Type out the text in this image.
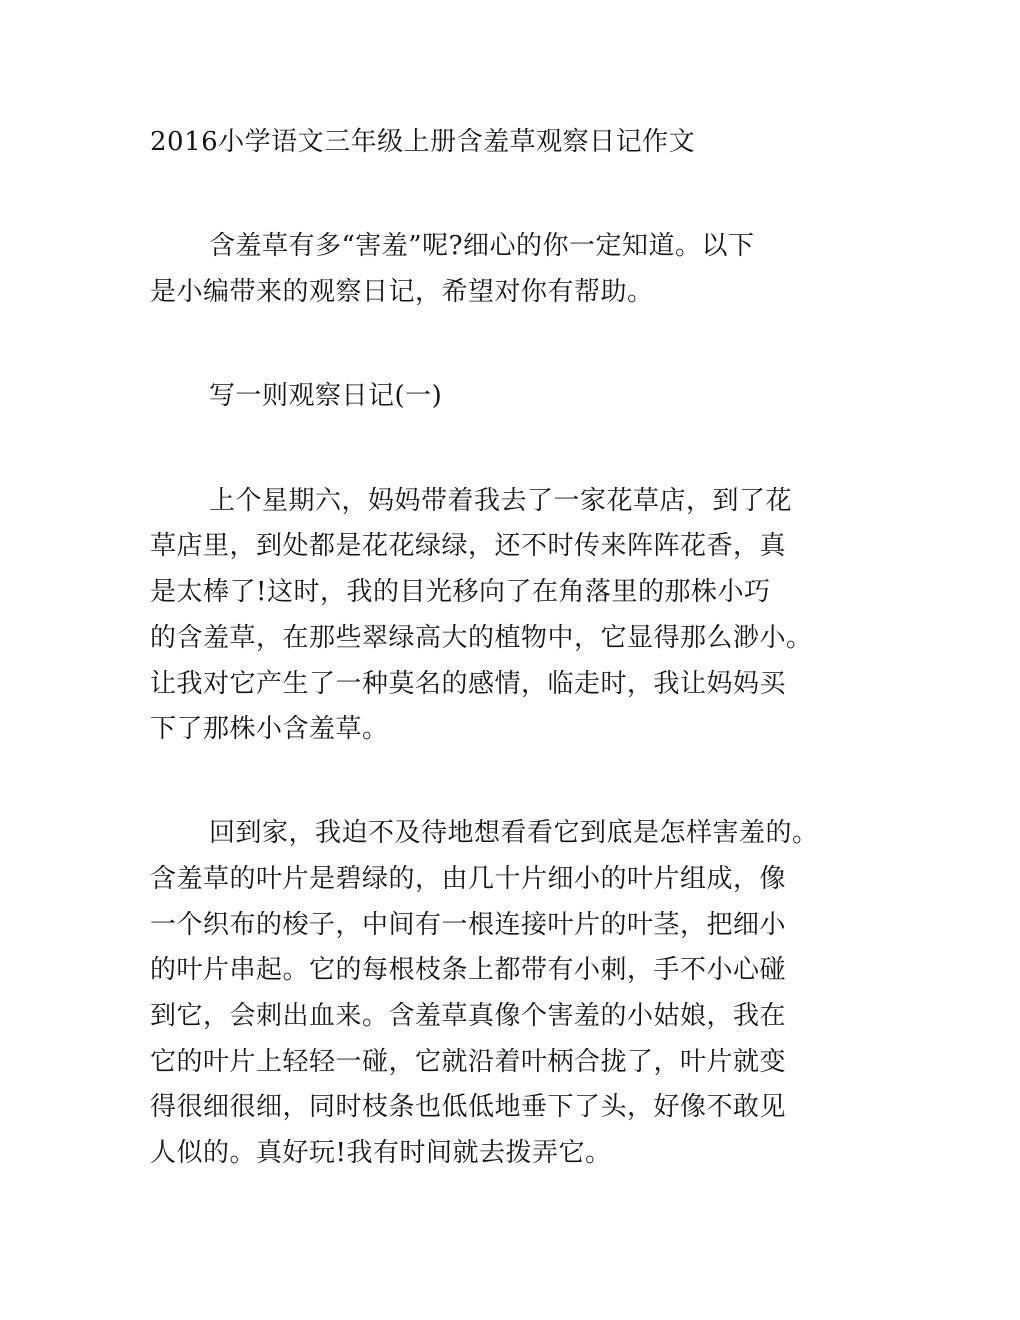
2016小学语文三年级上册含羞草观察日记作文
含羞草有多“害羞”呢?细心的你一定知道。以下
是小编带来的观察日记，希望对你有帮助。
写一则观察日记(一)
上个星期六，妈妈带着我去了一家花草店，到了花
草店里，到处都是花花绿绿，还不时传来阵阵花香，真
是太棒了!这时，我的目光移向了在角落里的那株小巧
的含羞草，在那些翠绿高大的植物中，它显得那么渺小。
让我对它产生了一种莫名的感情，临走时，我让妈妈买
下了那株小含羞草。
回到家，我迫不及待地想看看它到底是怎样害羞的。
含羞草的叶片是碧绿的，由几十片细小的叶片组成，像
一个织布的梭子，中间有一根连接叶片的叶茎，把细小
的叶片串起。它的每根枝条上都带有小刺，手不小心碰
到它，会刺出血来。含羞草真像个害羞的小姑娘，我在
它的叶片上轻轻一碰，它就沿着叶柄合拢了，叶片就变
得很细很细，同时枝条也低低地垂下了头，好像不敢见
人似的。真好玩!我有时间就去拨弄它。
